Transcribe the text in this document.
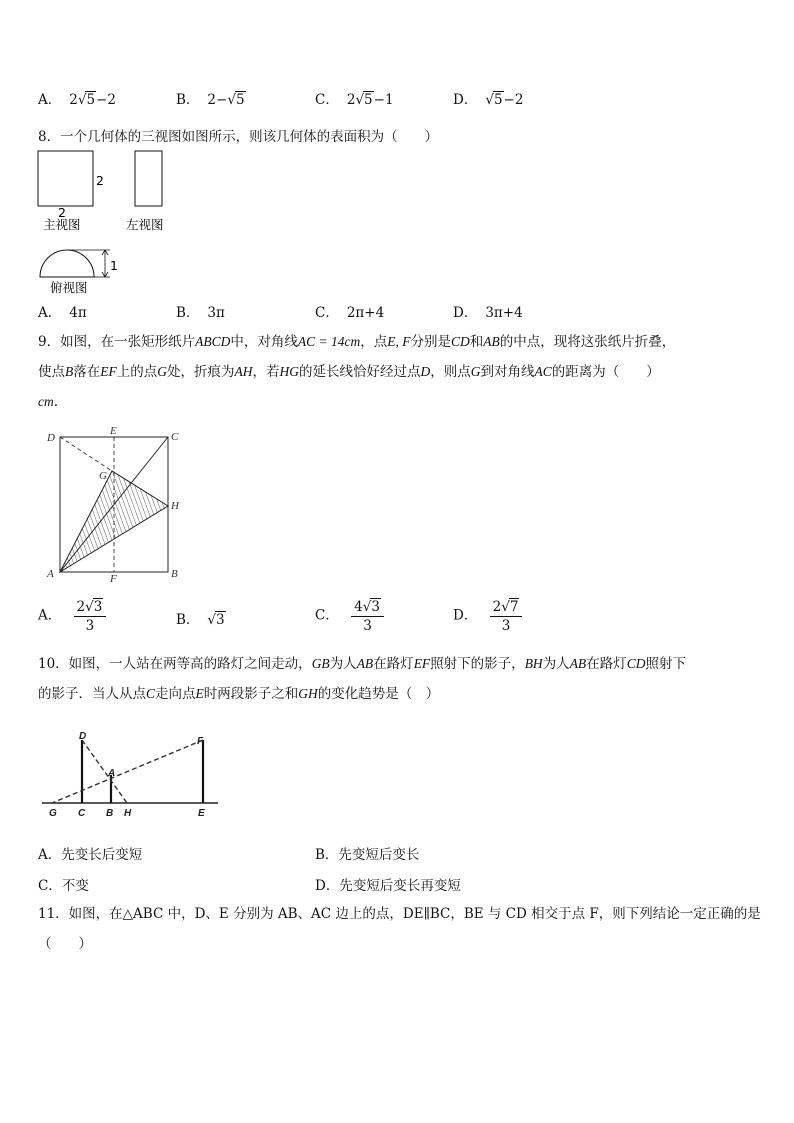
A． 2√5−2	B． 2−√5	C． 2√5−1	D． √5−2
8．一个几何体的三视图如图所示，则该几何体的表面积为（　　）
2
2
主视图	左视图
1
俯视图
A． 4π	B． 3π	C． 2π+4	D． 3π+4
9．如图，在一张矩形纸片ABCD中，对角线AC = 14cm，点E, F分别是CD和AB的中点，现将这张纸片折叠，
使点B落在EF上的点G处，折痕为AH，若HG的延长线恰好经过点D，则点G到对角线AC的距离为（　　）
cm.
D
E	C
G
H
A	F	B
A． $\frac{2√3}{3}$	B． √3	C． $\frac{4√3}{3}$	D． $\frac{2√7}{3}$
10．如图，一人站在两等高的路灯之间走动，GB为人AB在路灯EF照射下的影子，BH为人AB在路灯CD照射下
的影子．当人从点C走向点E时两段影子之和GH的变化趋势是（　）
D	F
A
G C B H	E
A．先变长后变短	B．先变短后变长
C．不变	D．先变短后变长再变短
11．如图，在△ABC 中，D、E 分别为 AB、AC 边上的点，DE∥BC，BE 与 CD 相交于点 F，则下列结论一定正确的是
（　　）
